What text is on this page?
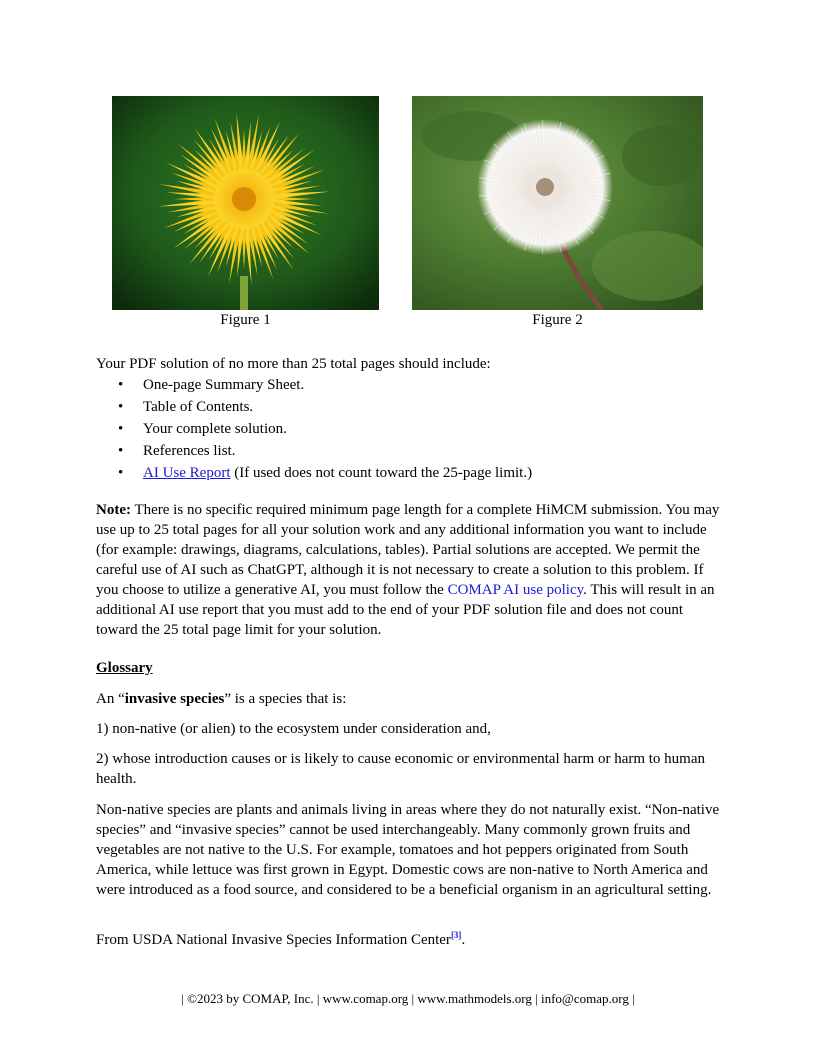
Figure 1	Figure 2
Your PDF solution of no more than 25 total pages should include:
• One-page Summary Sheet.
• Table of Contents.
• Your complete solution.
• References list.
• AI Use Report (If used does not count toward the 25-page limit.)
Note: There is no specific required minimum page length for a complete HiMCM submission. You may use up to 25 total pages for all your solution work and any additional information you want to include (for example: drawings, diagrams, calculations, tables). Partial solutions are accepted. We permit the careful use of AI such as ChatGPT, although it is not necessary to create a solution to this problem. If you choose to utilize a generative AI, you must follow the COMAP AI use policy. This will result in an additional AI use report that you must add to the end of your PDF solution file and does not count toward the 25 total page limit for your solution.
Glossary
An “invasive species” is a species that is:
1) non-native (or alien) to the ecosystem under consideration and,
2) whose introduction causes or is likely to cause economic or environmental harm or harm to human health.
Non-native species are plants and animals living in areas where they do not naturally exist. “Non-native species” and “invasive species” cannot be used interchangeably. Many commonly grown fruits and vegetables are not native to the U.S. For example, tomatoes and hot peppers originated from South America, while lettuce was first grown in Egypt. Domestic cows are non-native to North America and were introduced as a food source, and considered to be a beneficial organism in an agricultural setting.
From USDA National Invasive Species Information Center[3].
| ©2023 by COMAP, Inc. | www.comap.org | www.mathmodels.org | info@comap.org |
